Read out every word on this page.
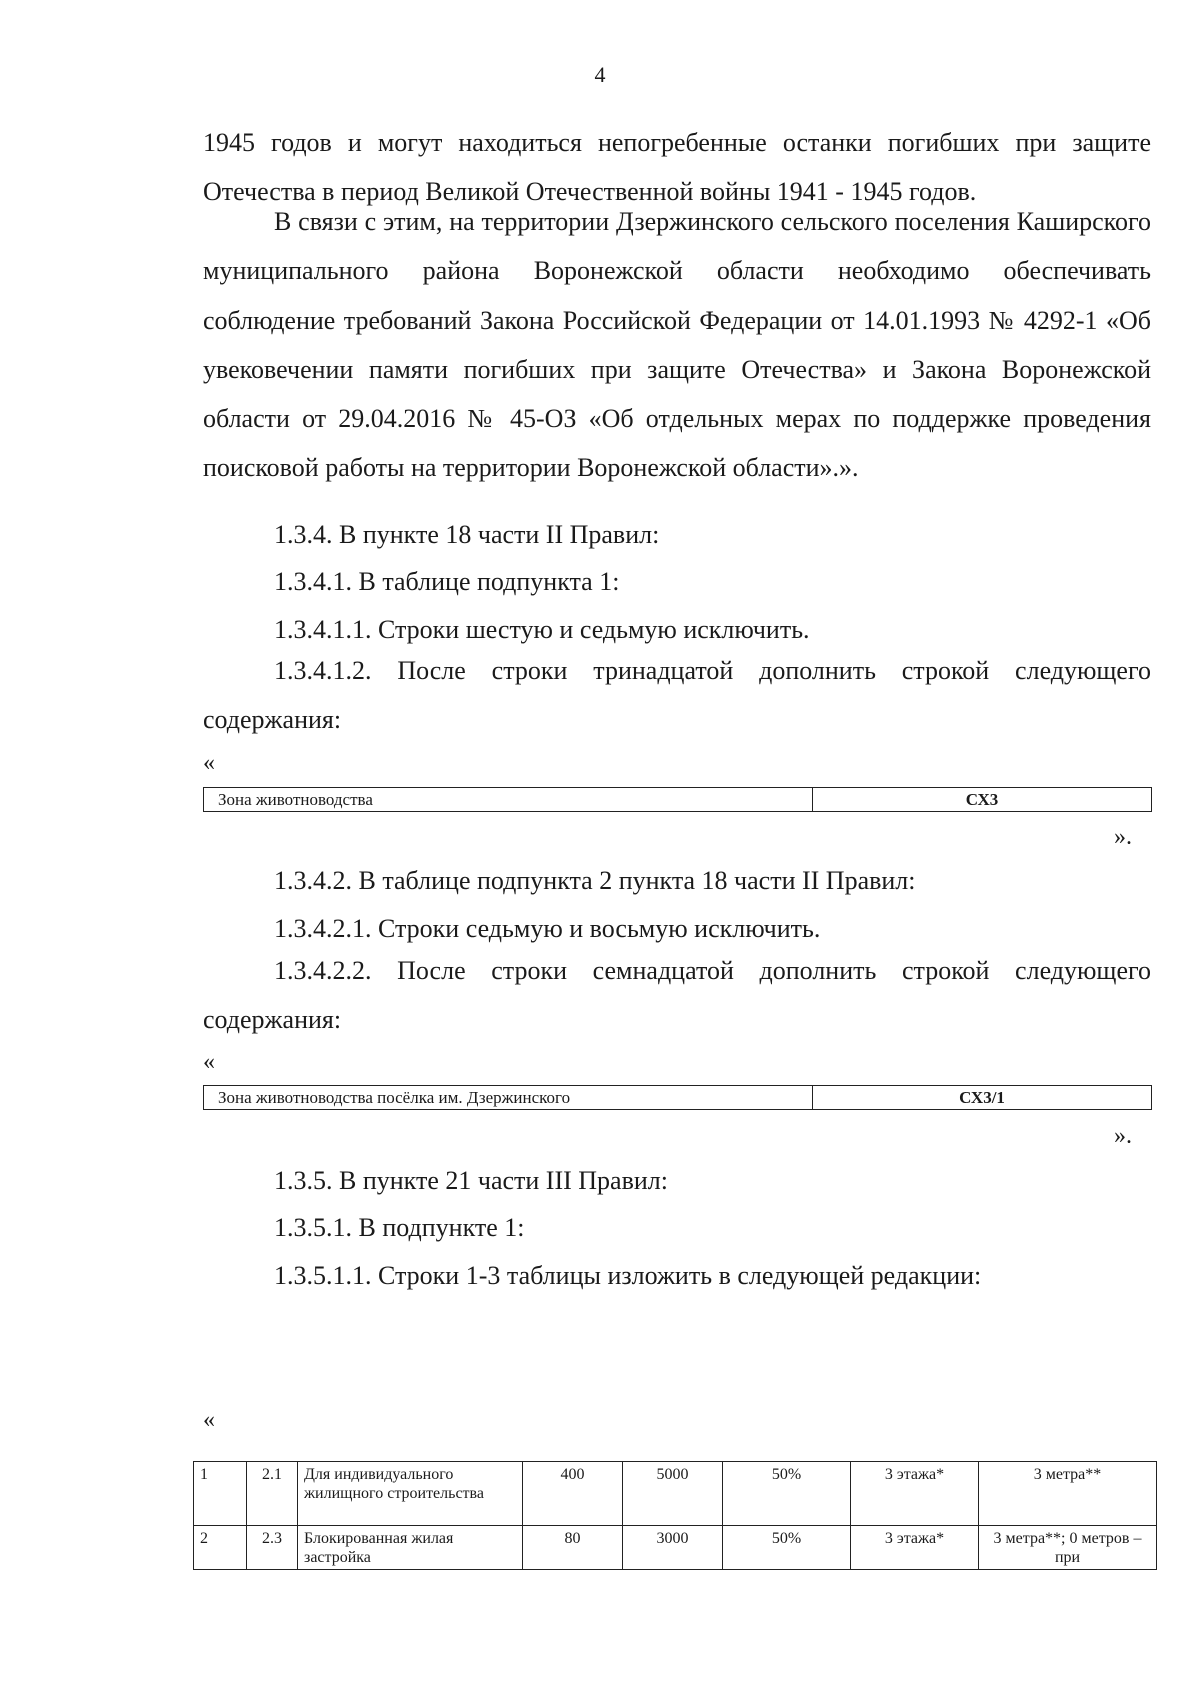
4

1945 годов и могут находиться непогребенные останки погибших при защите Отечества в период Великой Отечественной войны 1941 - 1945 годов.

В связи с этим, на территории Дзержинского сельского поселения Каширского муниципального района Воронежской области необходимо обеспечивать соблюдение требований Закона Российской Федерации от 14.01.1993 № 4292-1 «Об увековечении памяти погибших при защите Отечества» и Закона Воронежской области от 29.04.2016 № 45-ОЗ «Об отдельных мерах по поддержке проведения поисковой работы на территории Воронежской области».».

1.3.4. В пункте 18 части II Правил:

1.3.4.1. В таблице подпункта 1:

1.3.4.1.1. Строки шестую и седьмую исключить.

1.3.4.1.2. После строки тринадцатой дополнить строкой следующего содержания:

«

Зона животноводства	СХ3

».

1.3.4.2. В таблице подпункта 2 пункта 18 части II Правил:

1.3.4.2.1. Строки седьмую и восьмую исключить.

1.3.4.2.2. После строки семнадцатой дополнить строкой следующего содержания:

«

Зона животноводства посёлка им. Дзержинского	СХ3/1

».

1.3.5. В пункте 21 части III Правил:

1.3.5.1. В подпункте 1:

1.3.5.1.1. Строки 1-3 таблицы изложить в следующей редакции:

«

1	2.1	Для индивидуального жилищного строительства	400	5000	50%	3 этажа*	3 метра**
2	2.3	Блокированная жилая застройка	80	3000	50%	3 этажа*	3 метра**; 0 метров – при
